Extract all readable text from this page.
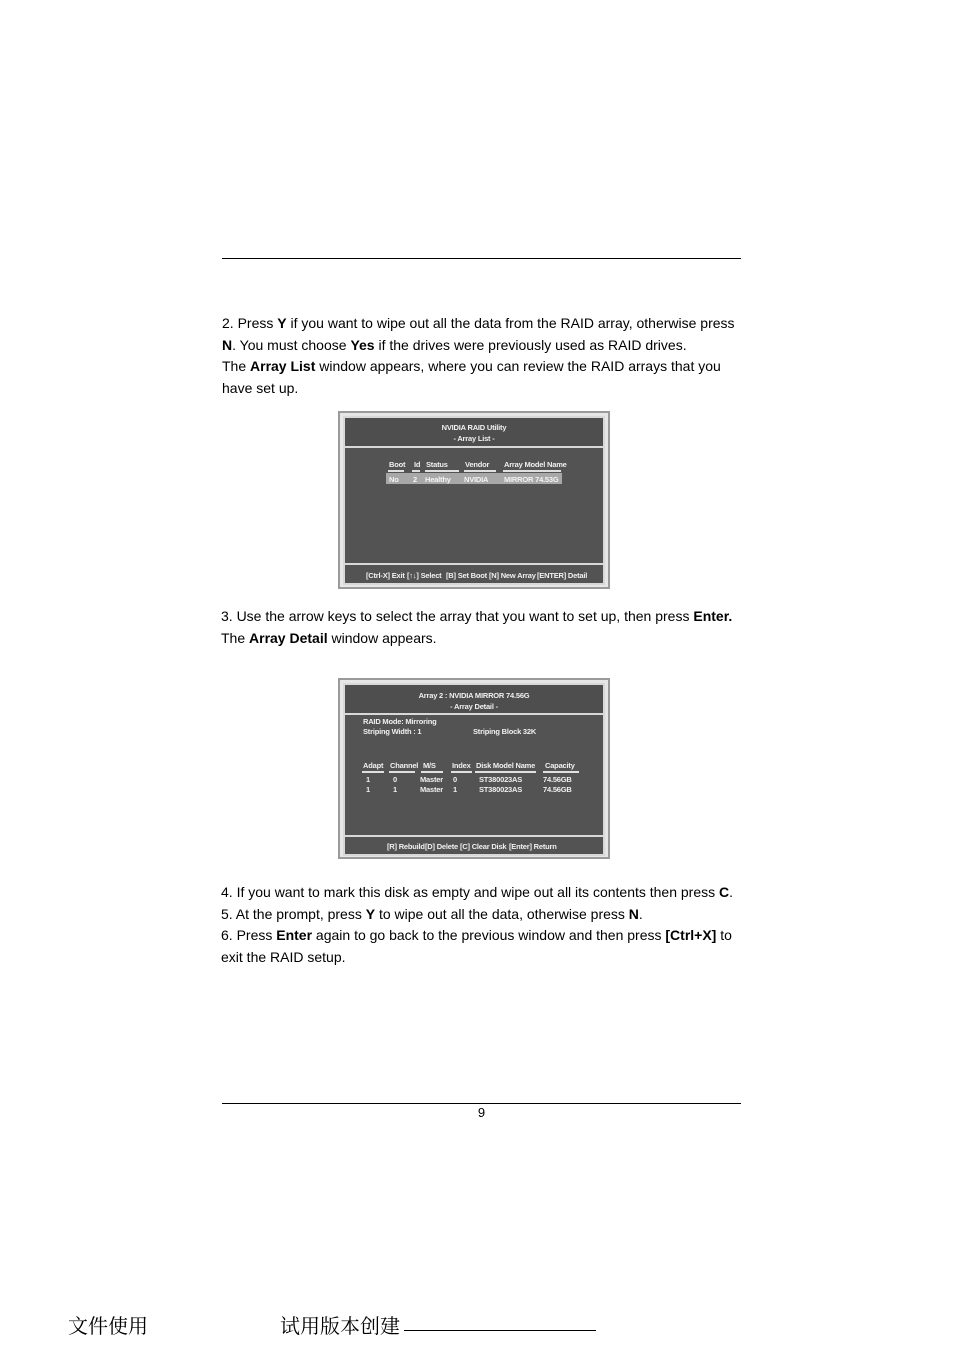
2. Press Y if you want to wipe out all the data from the RAID array, otherwise press N. You must choose Yes if the drives were previously used as RAID drives.
The Array List window appears, where you can review the RAID arrays that you have set up.
NVIDIA RAID Utility
- Array List -
Boot Id Status Vendor Array Model Name
No 2 Healthy NVIDIA MIRROR 74.53G
[Ctrl-X] Exit [↑↓] Select [B] Set Boot [N] New Array [ENTER] Detail
3. Use the arrow keys to select the array that you want to set up, then press Enter.
The Array Detail window appears.
Array 2 : NVIDIA MIRROR 74.56G
- Array Detail -
RAID Mode: Mirroring
Striping Width : 1	Striping Block 32K
Adapt Channel M/S Index Disk Model Name Capacity
1	0	Master 0	ST380023AS	74.56GB
1	1	Master 1	ST380023AS	74.56GB
[R] Rebuild [D] Delete [C] Clear Disk [Enter] Return
4. If you want to mark this disk as empty and wipe out all its contents then press C.
5. At the prompt, press Y to wipe out all the data, otherwise press N.
6. Press Enter again to go back to the previous window and then press [Ctrl+X] to exit the RAID setup.
9
文件使用	试用版本创建
